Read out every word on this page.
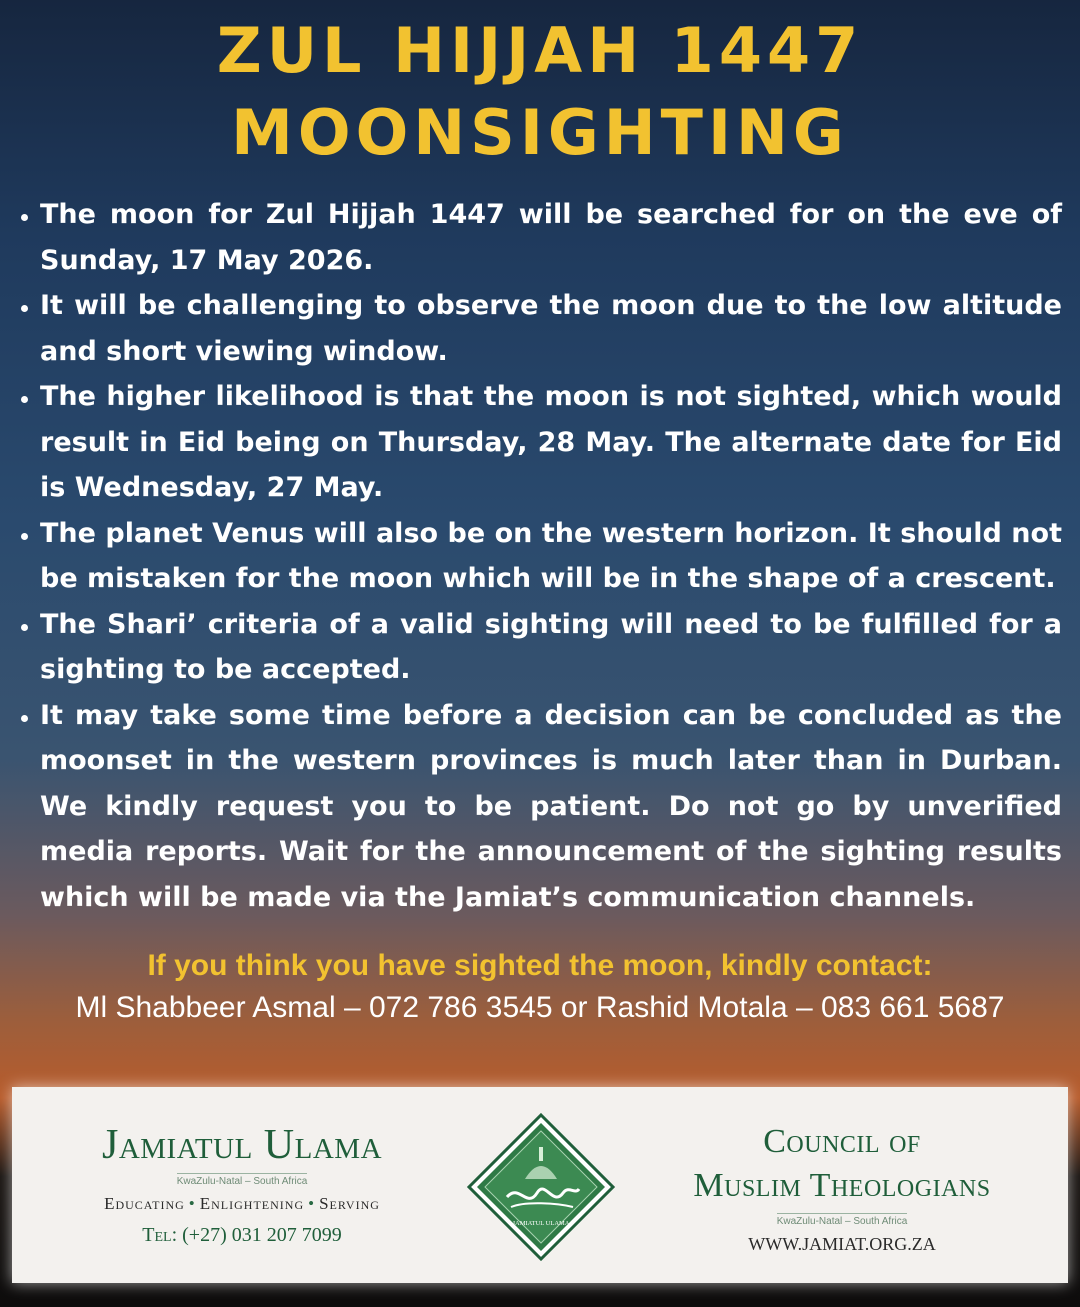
ZUL HIJJAH 1447
MOONSIGHTING
The moon for Zul Hijjah 1447 will be searched for on the eve of Sunday, 17 May 2026.
It will be challenging to observe the moon due to the low altitude and short viewing window.
The higher likelihood is that the moon is not sighted, which would result in Eid being on Thursday, 28 May. The alternate date for Eid is Wednesday, 27 May.
The planet Venus will also be on the western horizon. It should not be mistaken for the moon which will be in the shape of a crescent.
The Shari’ criteria of a valid sighting will need to be fulfilled for a sighting to be accepted.
It may take some time before a decision can be concluded as the moonset in the western provinces is much later than in Durban. We kindly request you to be patient. Do not go by unverified media reports. Wait for the announcement of the sighting results which will be made via the Jamiat’s communication channels.
If you think you have sighted the moon, kindly contact:
Ml Shabbeer Asmal – 072 786 3545 or Rashid Motala – 083 661 5687
Jamiatul Ulama
KwaZulu-Natal – South Africa
Educating • Enlightening • Serving
Tel: (+27) 031 207 7099
JAMIATUL ULAMA
Council of
Muslim Theologians
KwaZulu-Natal – South Africa
WWW.JAMIAT.ORG.ZA
